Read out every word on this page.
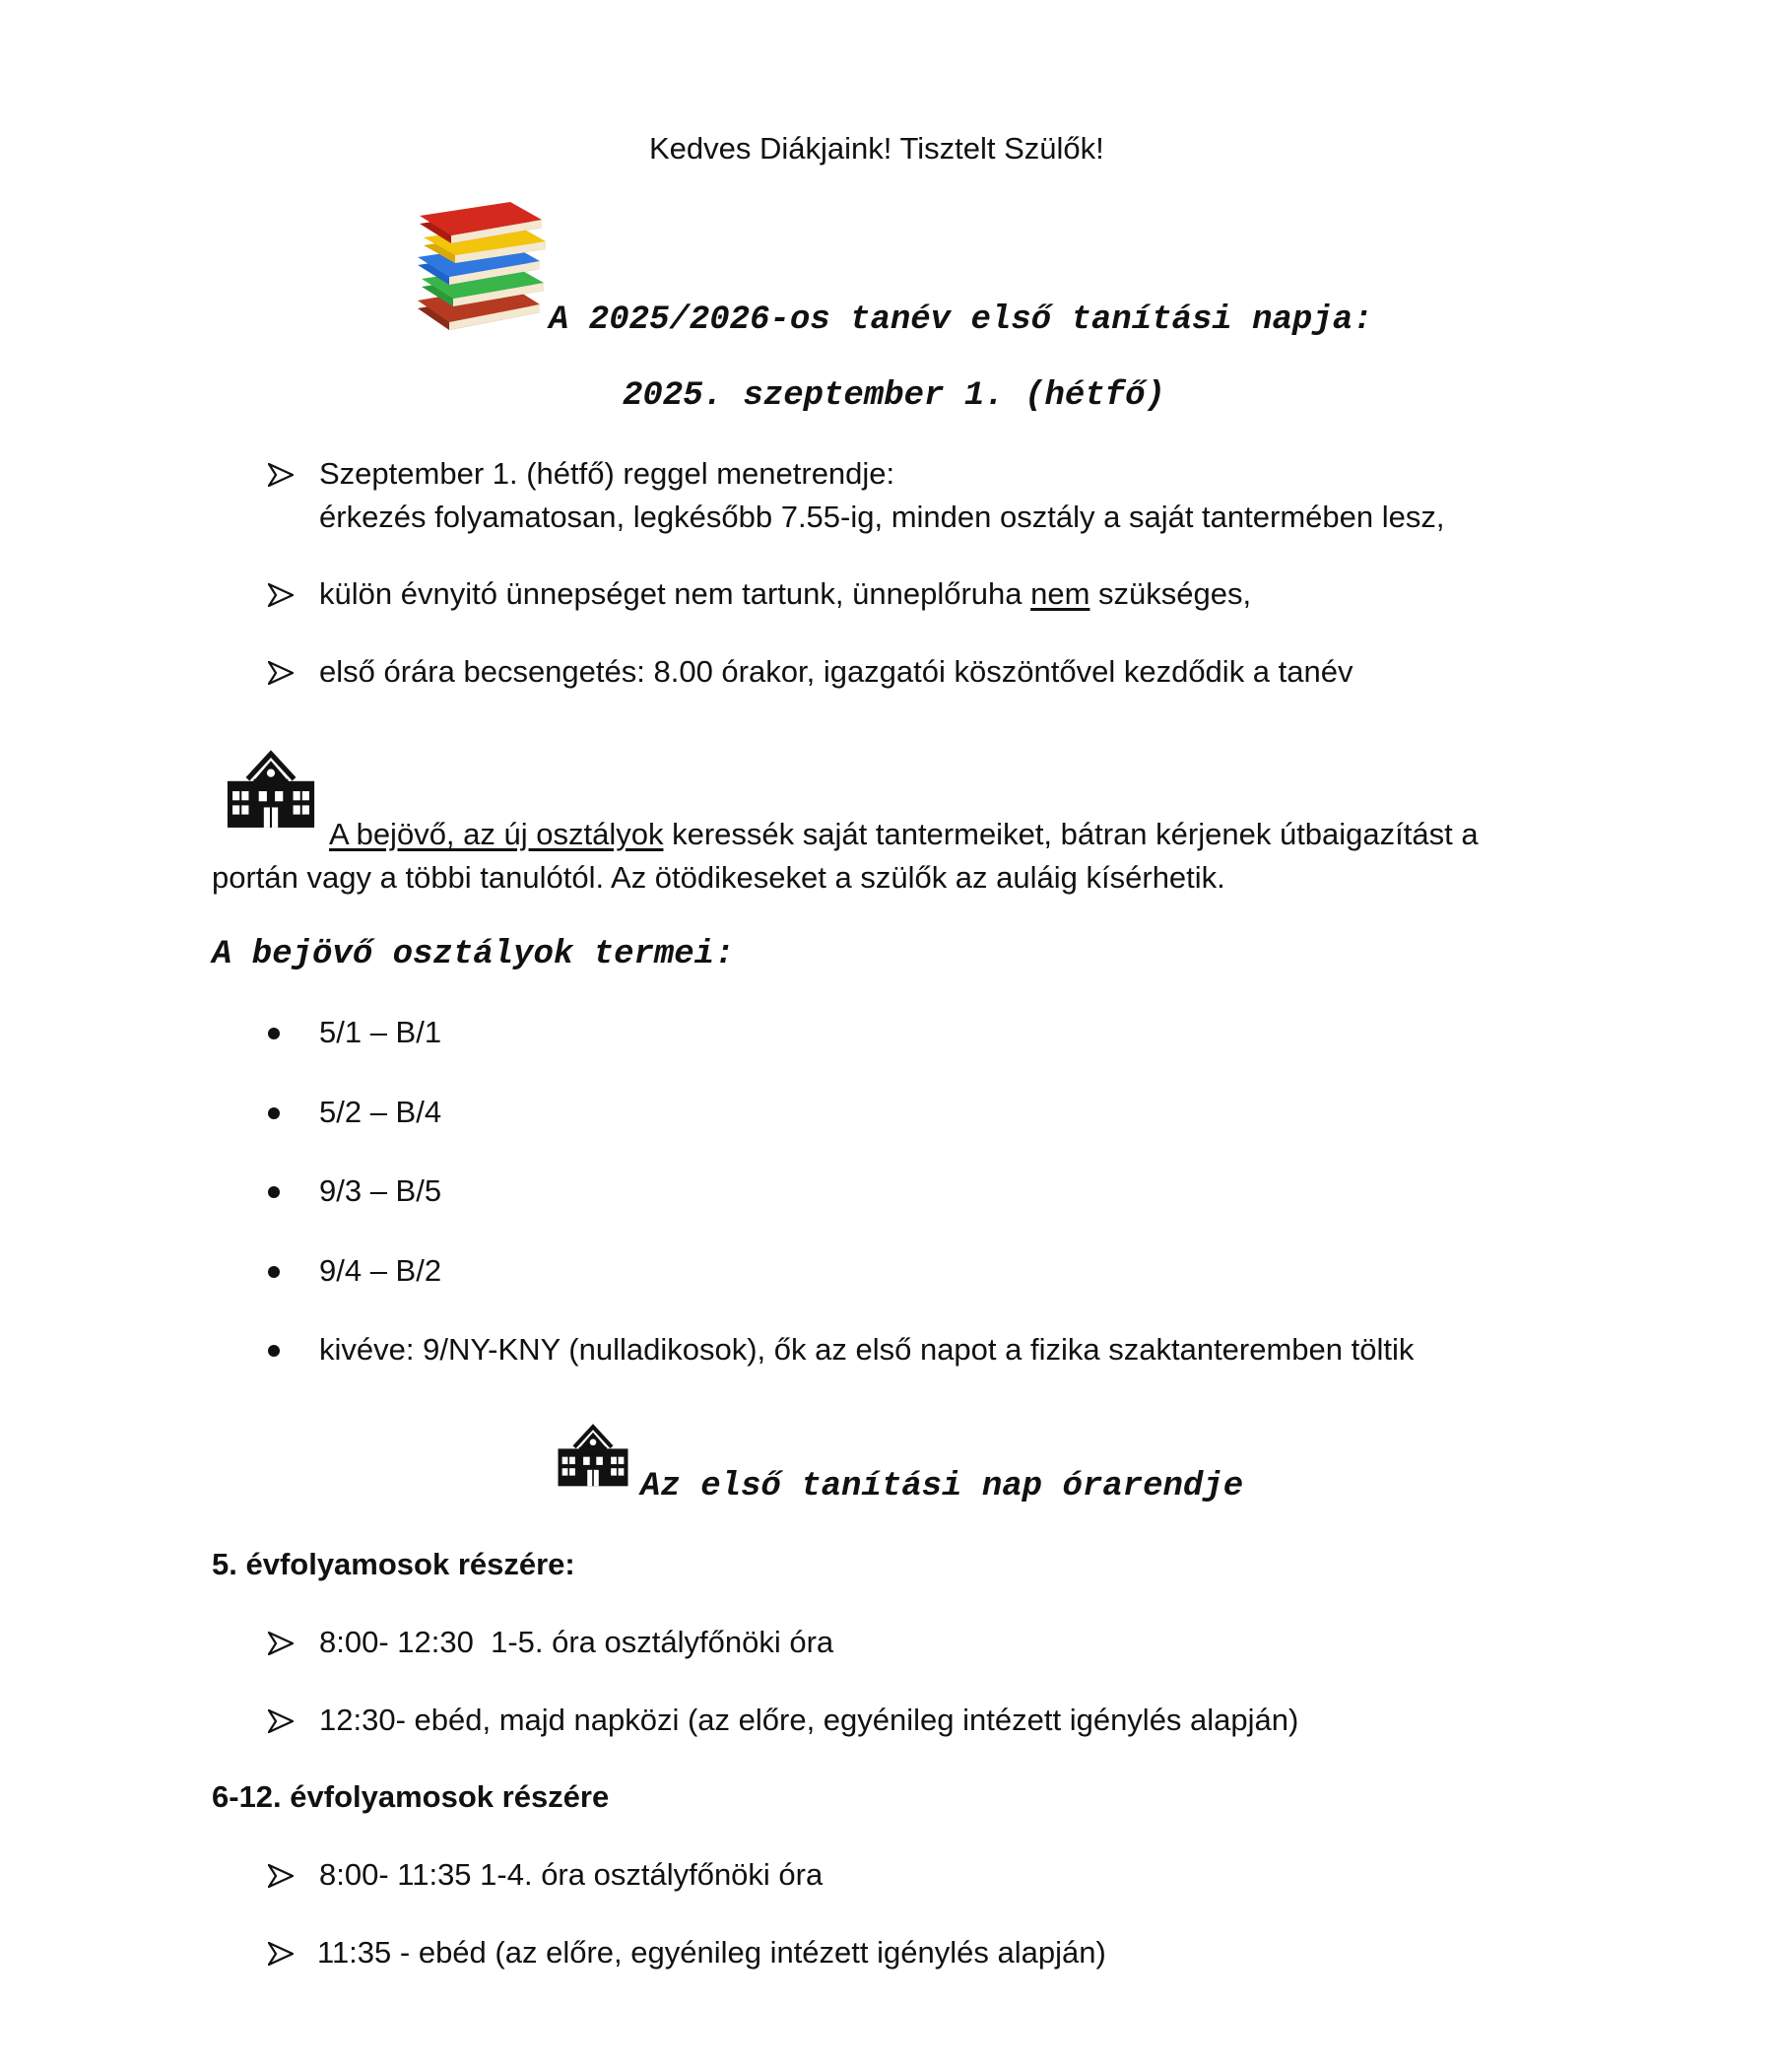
Kedves Diákjaink! Tisztelt Szülők!
A 2025/2026-os tanév első tanítási napja:
2025. szeptember 1. (hétfő)
Szeptember 1. (hétfő) reggel menetrendje:
érkezés folyamatosan, legkésőbb 7.55-ig, minden osztály a saját tantermében lesz,
külön évnyitó ünnepséget nem tartunk, ünneplőruha nem szükséges,
első órára becsengetés: 8.00 órakor, igazgatói köszöntővel kezdődik a tanév
A bejövő, az új osztályok keressék saját tantermeiket, bátran kérjenek útbaigazítást a
portán vagy a többi tanulótól. Az ötödikeseket a szülők az auláig kísérhetik.
A bejövő osztályok termei:
5/1 – B/1
5/2 – B/4
9/3 – B/5
9/4 – B/2
kivéve: 9/NY-KNY (nulladikosok), ők az első napot a fizika szaktanteremben töltik
Az első tanítási nap órarendje
5. évfolyamosok részére:
8:00- 12:30  1-5. óra osztályfőnöki óra
12:30- ebéd, majd napközi (az előre, egyénileg intézett igénylés alapján)
6-12. évfolyamosok részére
8:00- 11:35 1-4. óra osztályfőnöki óra
11:35 - ebéd (az előre, egyénileg intézett igénylés alapján)
